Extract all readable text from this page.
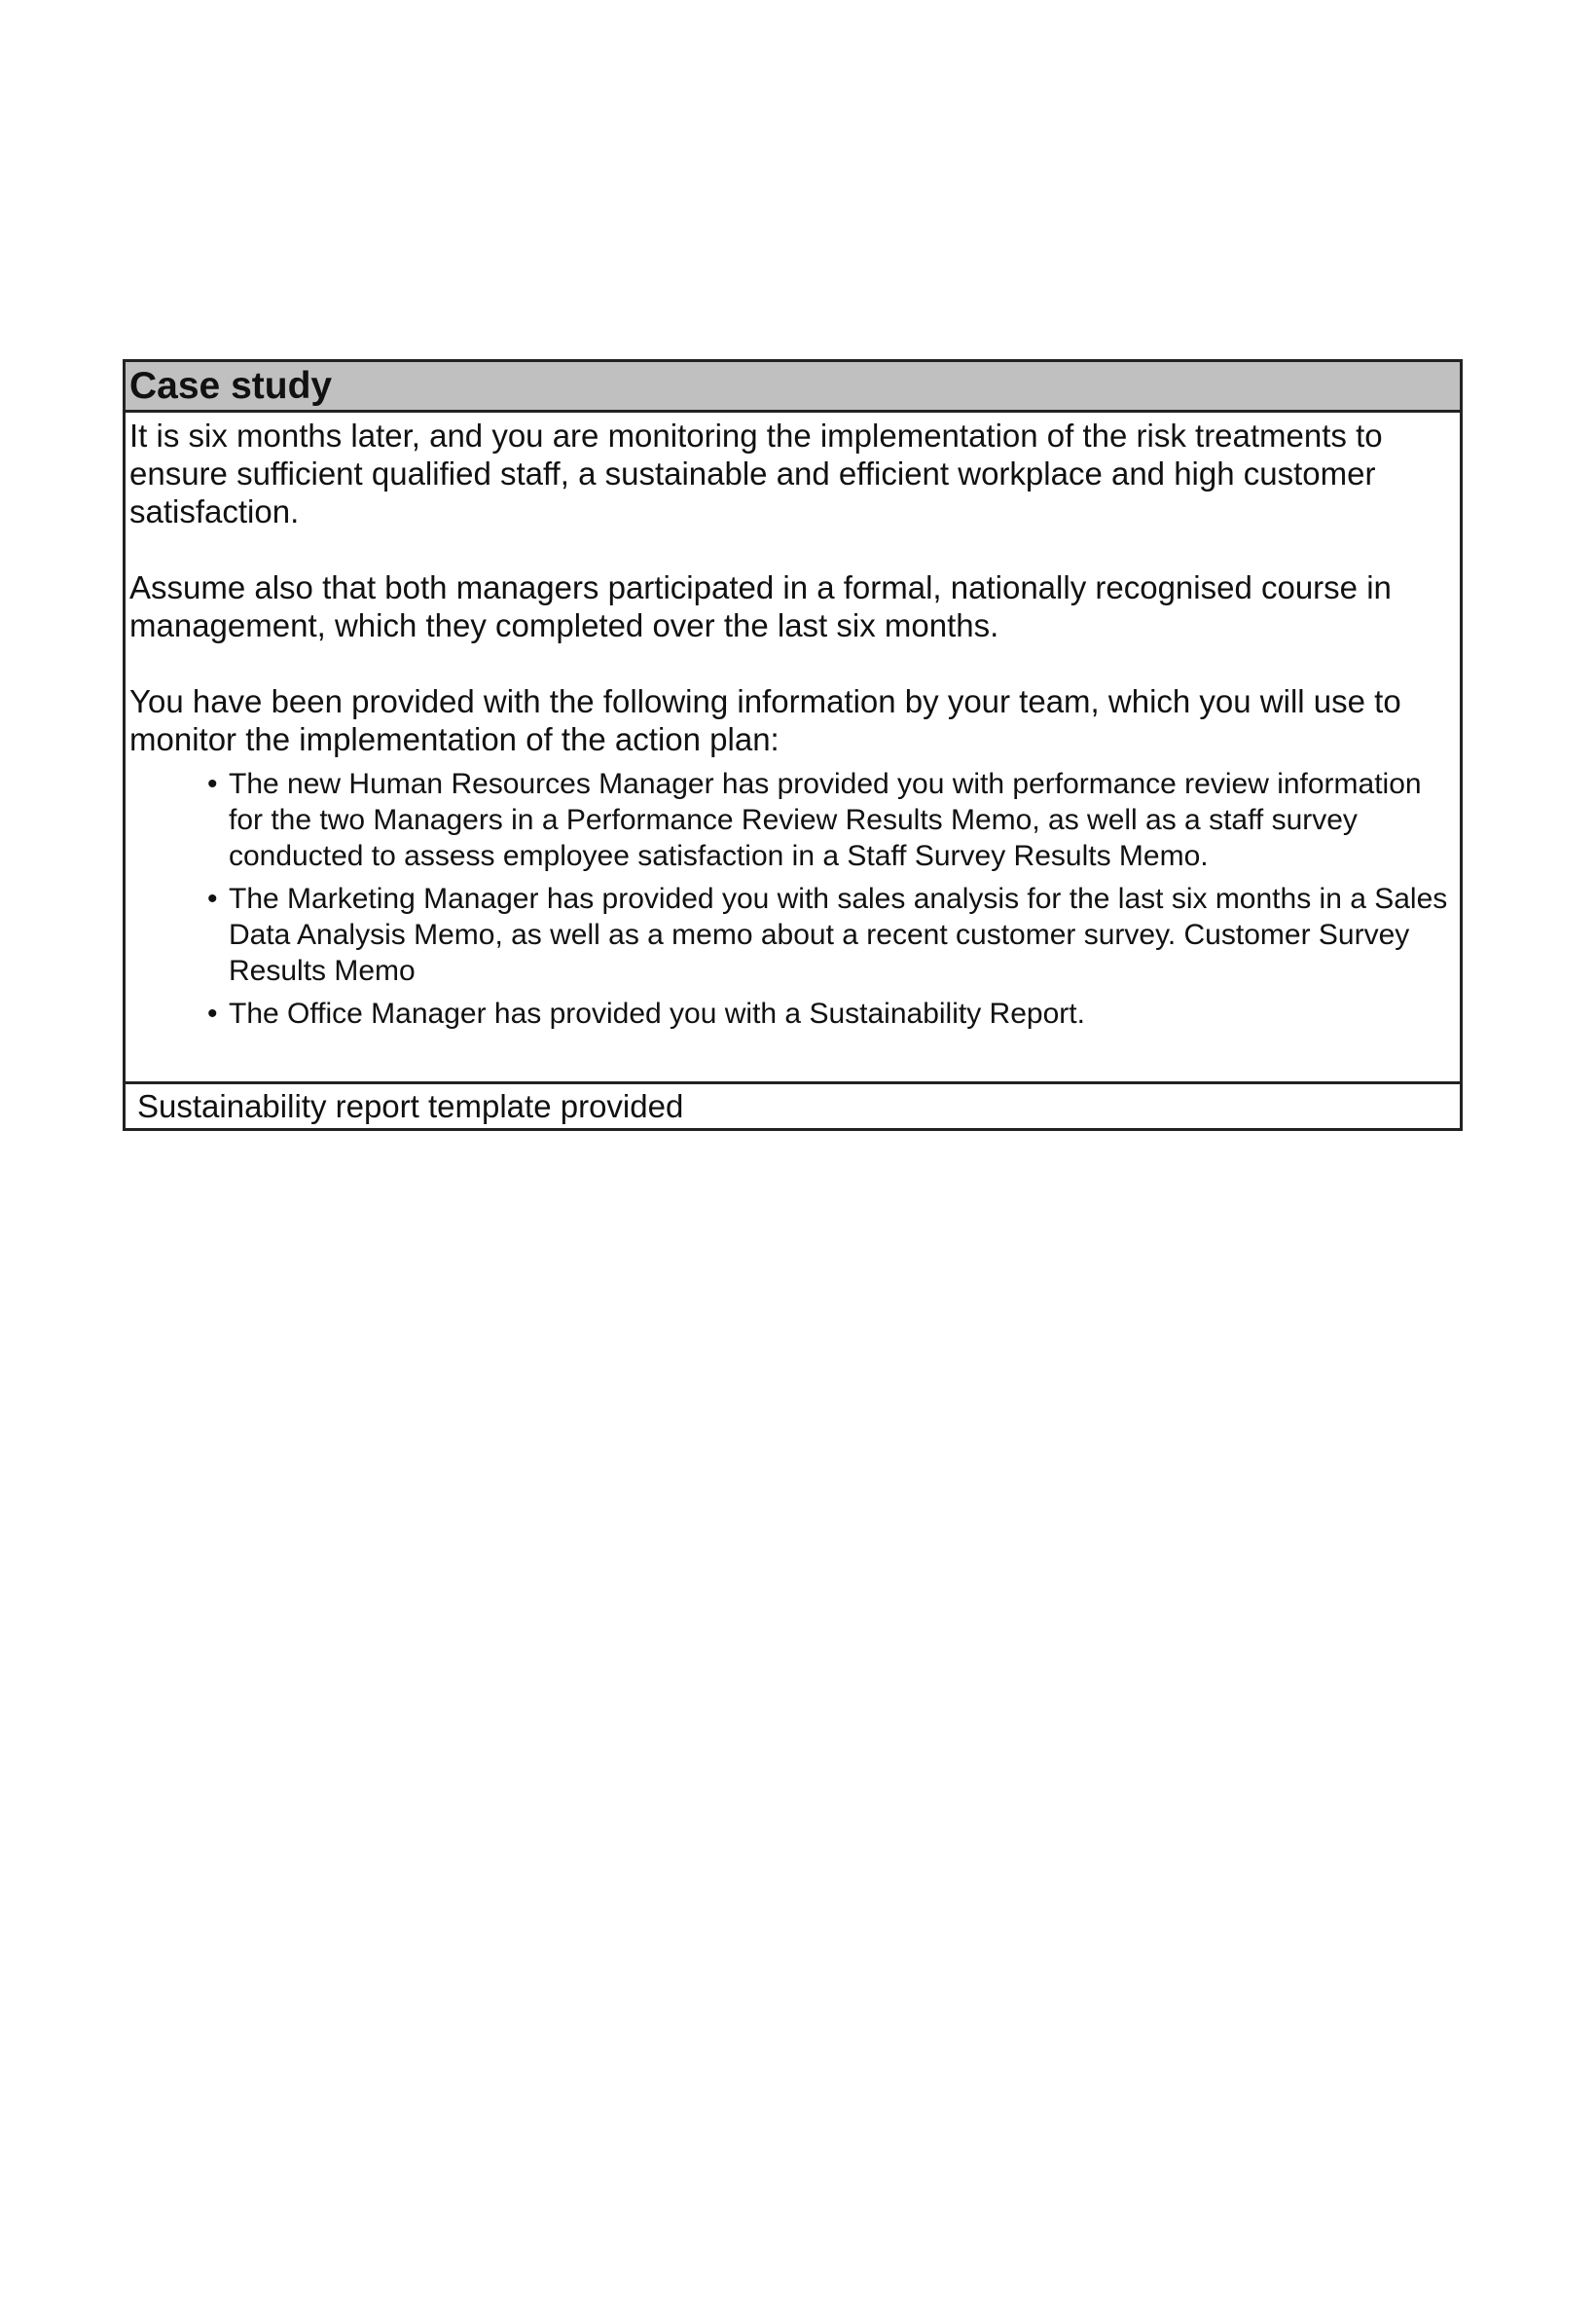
Case study

It is six months later, and you are monitoring the implementation of the risk treatments to ensure sufficient qualified staff, a sustainable and efficient workplace and high customer satisfaction.

Assume also that both managers participated in a formal, nationally recognised course in management, which they completed over the last six months.

You have been provided with the following information by your team, which you will use to monitor the implementation of the action plan:

• The new Human Resources Manager has provided you with performance review information for the two Managers in a Performance Review Results Memo, as well as a staff survey conducted to assess employee satisfaction in a Staff Survey Results Memo.
• The Marketing Manager has provided you with sales analysis for the last six months in a Sales Data Analysis Memo, as well as a memo about a recent customer survey. Customer Survey Results Memo
• The Office Manager has provided you with a Sustainability Report.
Sustainability report template provided
